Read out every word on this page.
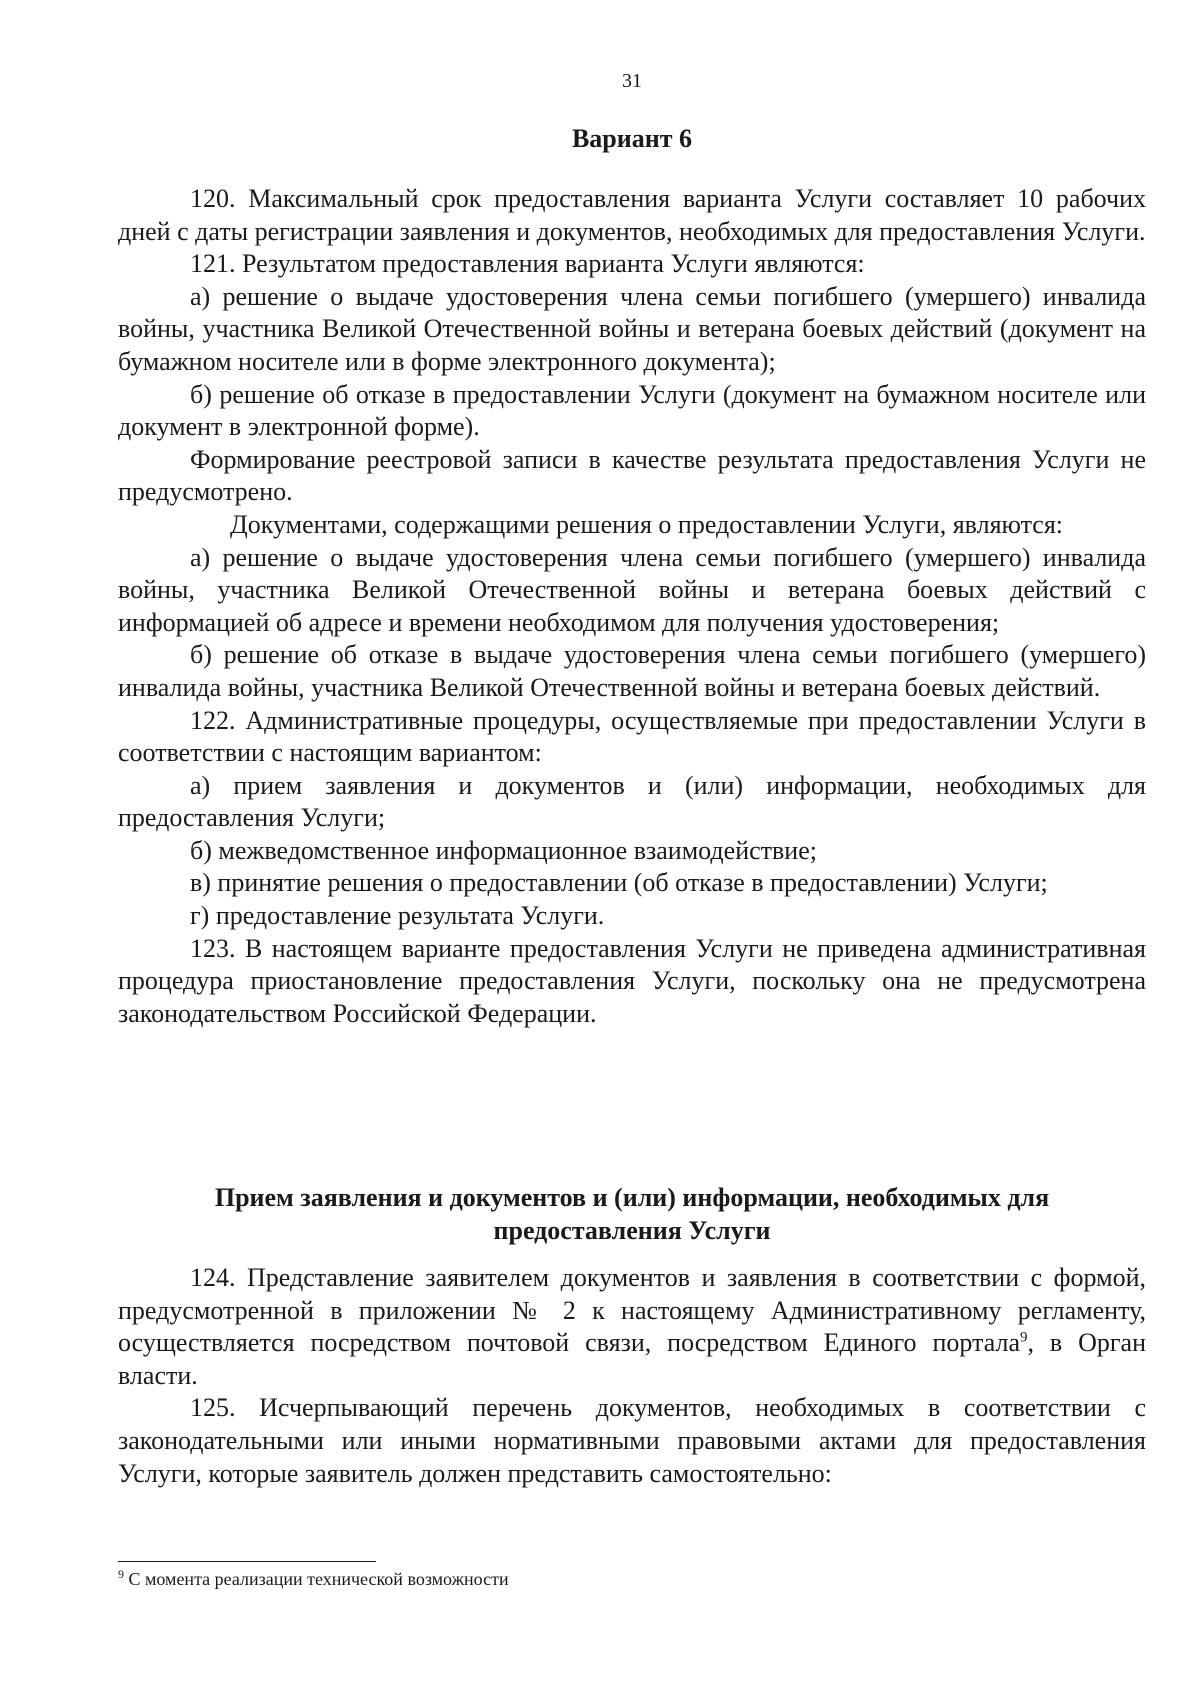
31
Вариант 6

120. Максимальный срок предоставления варианта Услуги составляет 10 рабочих дней с даты регистрации заявления и документов, необходимых для предоставления Услуги.

121. Результатом предоставления варианта Услуги являются:

а) решение о выдаче удостоверения члена семьи погибшего (умершего) инвалида войны, участника Великой Отечественной войны и ветерана боевых действий (документ на бумажном носителе или в форме электронного документа);

б) решение об отказе в предоставлении Услуги (документ на бумажном носителе или документ в электронной форме).

Формирование реестровой записи в качестве результата предоставления Услуги не предусмотрено.

Документами, содержащими решения о предоставлении Услуги, являются:

а) решение о выдаче удостоверения члена семьи погибшего (умершего) инвалида войны, участника Великой Отечественной войны и ветерана боевых действий с информацией об адресе и времени необходимом для получения удостоверения;

б) решение об отказе в выдаче удостоверения члена семьи погибшего (умершего) инвалида войны, участника Великой Отечественной войны и ветерана боевых действий.

122. Административные процедуры, осуществляемые при предоставлении Услуги в соответствии с настоящим вариантом:

а) прием заявления и документов и (или) информации, необходимых для предоставления Услуги;

б) межведомственное информационное взаимодействие;

в) принятие решения о предоставлении (об отказе в предоставлении) Услуги;

г) предоставление результата Услуги.

123. В настоящем варианте предоставления Услуги не приведена административная процедура приостановление предоставления Услуги, поскольку она не предусмотрена законодательством Российской Федерации.

Прием заявления и документов и (или) информации, необходимых для
предоставления Услуги

124. Представление заявителем документов и заявления в соответствии с формой, предусмотренной в приложении № 2 к настоящему Административному регламенту, осуществляется посредством почтовой связи, посредством Единого портала$^9$, в Орган власти.

125. Исчерпывающий перечень документов, необходимых в соответствии с законодательными или иными нормативными правовыми актами для предоставления Услуги, которые заявитель должен представить самостоятельно:

$^9$ С момента реализации технической возможности
